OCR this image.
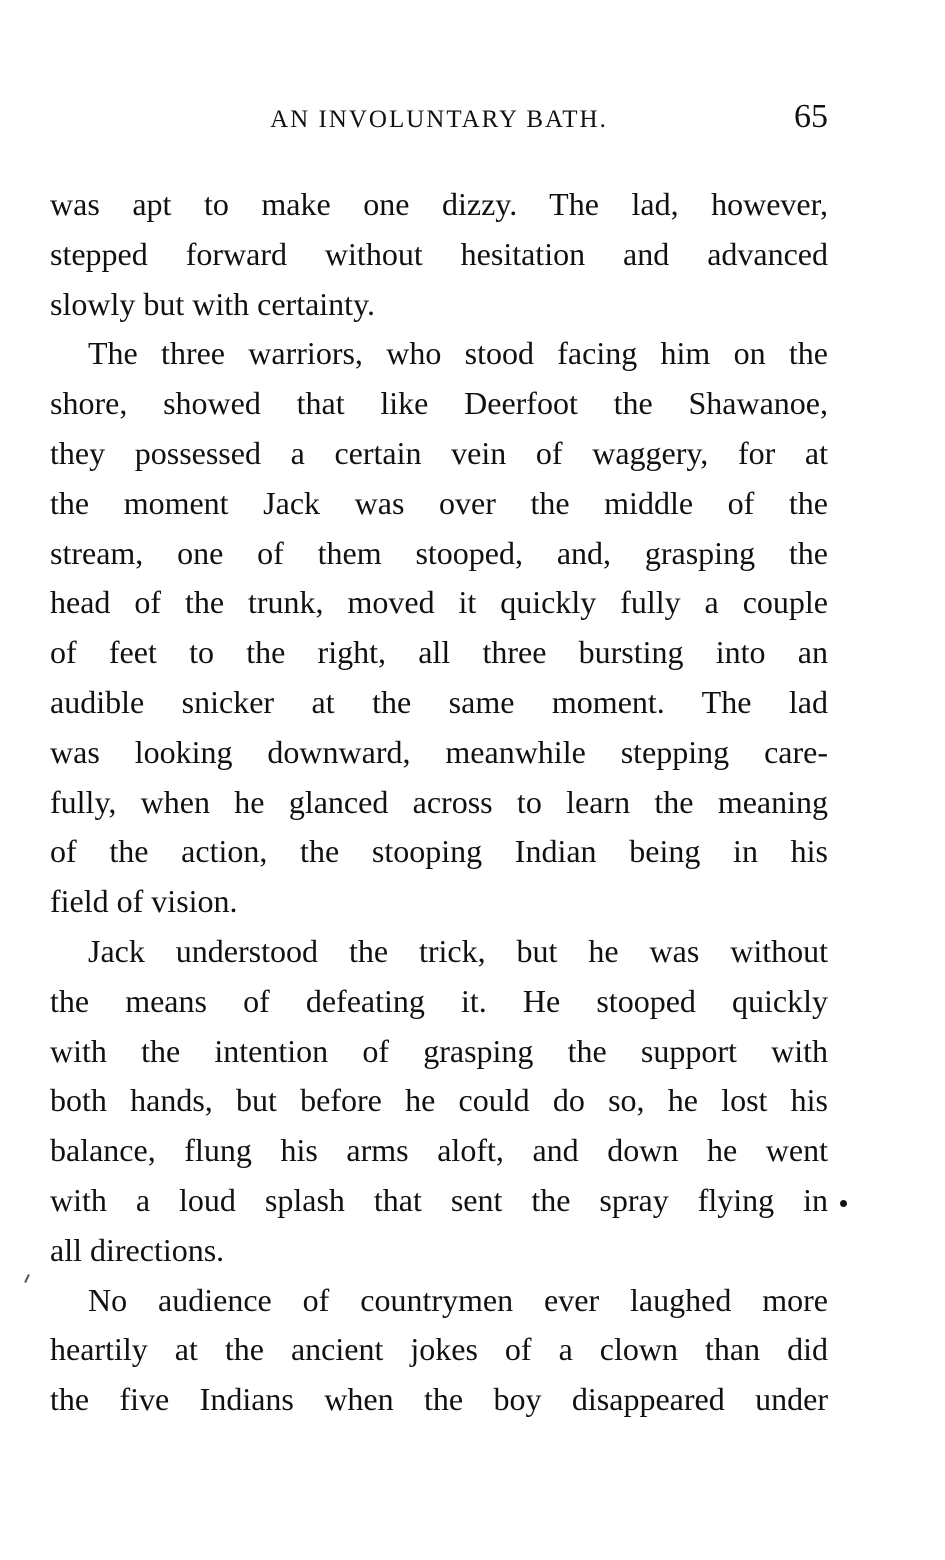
AN INVOLUNTARY BATH.	65
was apt to make one dizzy. The lad, however,
stepped forward without hesitation and advanced
slowly but with certainty.
The three warriors, who stood facing him on the
shore, showed that like Deerfoot the Shawanoe,
they possessed a certain vein of waggery, for at
the moment Jack was over the middle of the
stream, one of them stooped, and, grasping the
head of the trunk, moved it quickly fully a couple
of feet to the right, all three bursting into an
audible snicker at the same moment. The lad
was looking downward, meanwhile stepping care-
fully, when he glanced across to learn the meaning
of the action, the stooping Indian being in his
field of vision.
Jack understood the trick, but he was without
the means of defeating it. He stooped quickly
with the intention of grasping the support with
both hands, but before he could do so, he lost his
balance, flung his arms aloft, and down he went
with a loud splash that sent the spray flying in
all directions.
No audience of countrymen ever laughed more
heartily at the ancient jokes of a clown than did
the five Indians when the boy disappeared under
